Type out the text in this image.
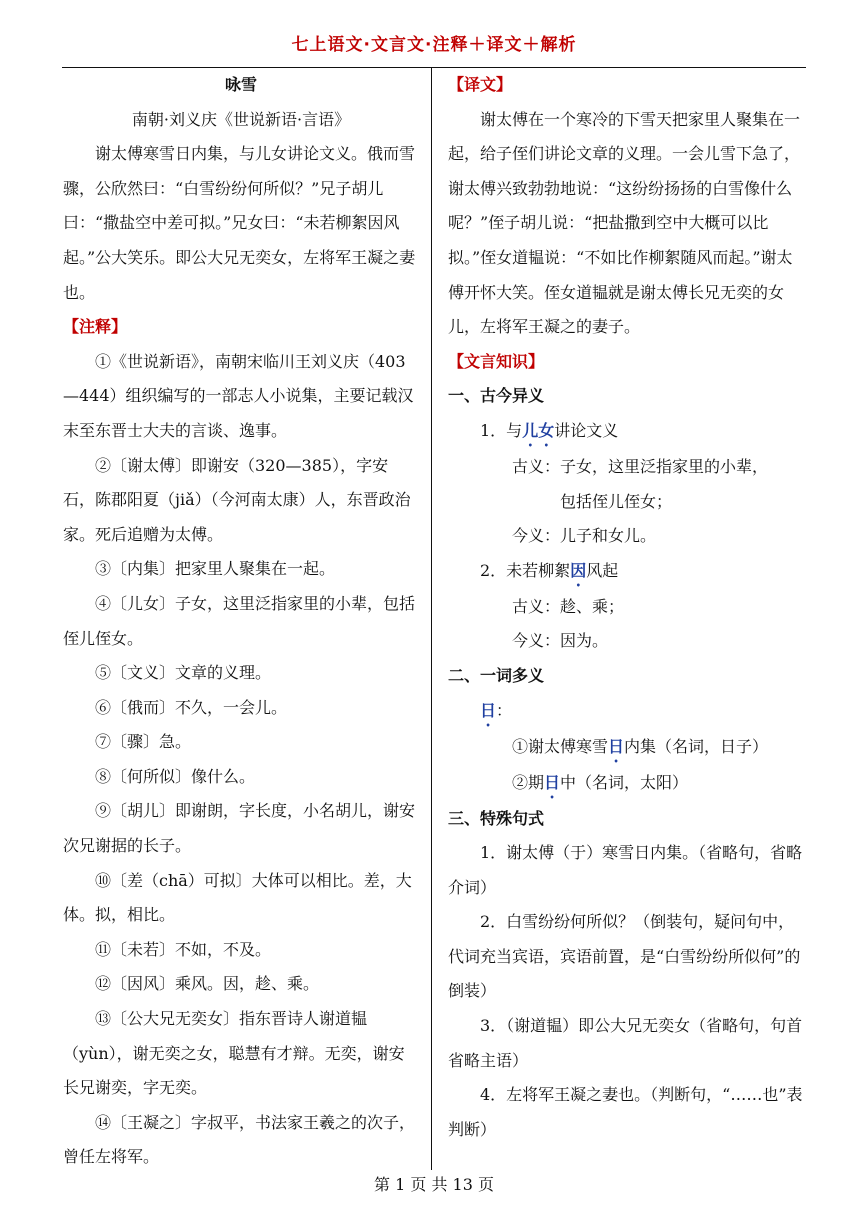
七上语文·文言文·注释＋译文＋解析

咏雪

南朝·刘义庆《世说新语·言语》

谢太傅寒雪日内集，与儿女讲论文义。俄而雪骤，公欣然曰：“白雪纷纷何所似？”兄子胡儿曰：“撒盐空中差可拟。”兄女曰：“未若柳絮因风起。”公大笑乐。即公大兄无奕女，左将军王凝之妻也。

【注释】

①《世说新语》，南朝宋临川王刘义庆（403—444）组织编写的一部志人小说集，主要记载汉末至东晋士大夫的言谈、逸事。

②〔谢太傅〕即谢安（320—385），字安石，陈郡阳夏（jiǎ）（今河南太康）人，东晋政治家。死后追赠为太傅。

③〔内集〕把家里人聚集在一起。

④〔儿女〕子女，这里泛指家里的小辈，包括侄儿侄女。

⑤〔文义〕文章的义理。

⑥〔俄而〕不久，一会儿。

⑦〔骤〕急。

⑧〔何所似〕像什么。

⑨〔胡儿〕即谢朗，字长度，小名胡儿，谢安次兄谢据的长子。

⑩〔差（chā）可拟〕大体可以相比。差，大体。拟，相比。

⑪〔未若〕不如，不及。

⑫〔因风〕乘风。因，趁、乘。

⑬〔公大兄无奕女〕指东晋诗人谢道韫（yùn），谢无奕之女，聪慧有才辩。无奕，谢安长兄谢奕，字无奕。

⑭〔王凝之〕字叔平，书法家王羲之的次子，曾任左将军。

【译文】

谢太傅在一个寒冷的下雪天把家里人聚集在一起，给子侄们讲论文章的义理。一会儿雪下急了，谢太傅兴致勃勃地说：“这纷纷扬扬的白雪像什么呢？”侄子胡儿说：“把盐撒到空中大概可以比拟。”侄女道韫说：“不如比作柳絮随风而起。”谢太傅开怀大笑。侄女道韫就是谢太傅长兄无奕的女儿，左将军王凝之的妻子。

【文言知识】

一、古今异义

1．与儿女讲论文义

古义：子女，这里泛指家里的小辈，

包括侄儿侄女；

今义：儿子和女儿。

2．未若柳絮因风起

古义：趁、乘；

今义：因为。

二、一词多义

日：

①谢太傅寒雪日内集（名词，日子）

②期日中（名词，太阳）

三、特殊句式

1．谢太傅（于）寒雪日内集。（省略句，省略介词）

2．白雪纷纷何所似？（倒装句，疑问句中，代词充当宾语，宾语前置，是“白雪纷纷所似何”的倒装）

3．（谢道韫）即公大兄无奕女（省略句，句首省略主语）

4．左将军王凝之妻也。（判断句，“……也”表判断）

第 1 页 共 13 页
